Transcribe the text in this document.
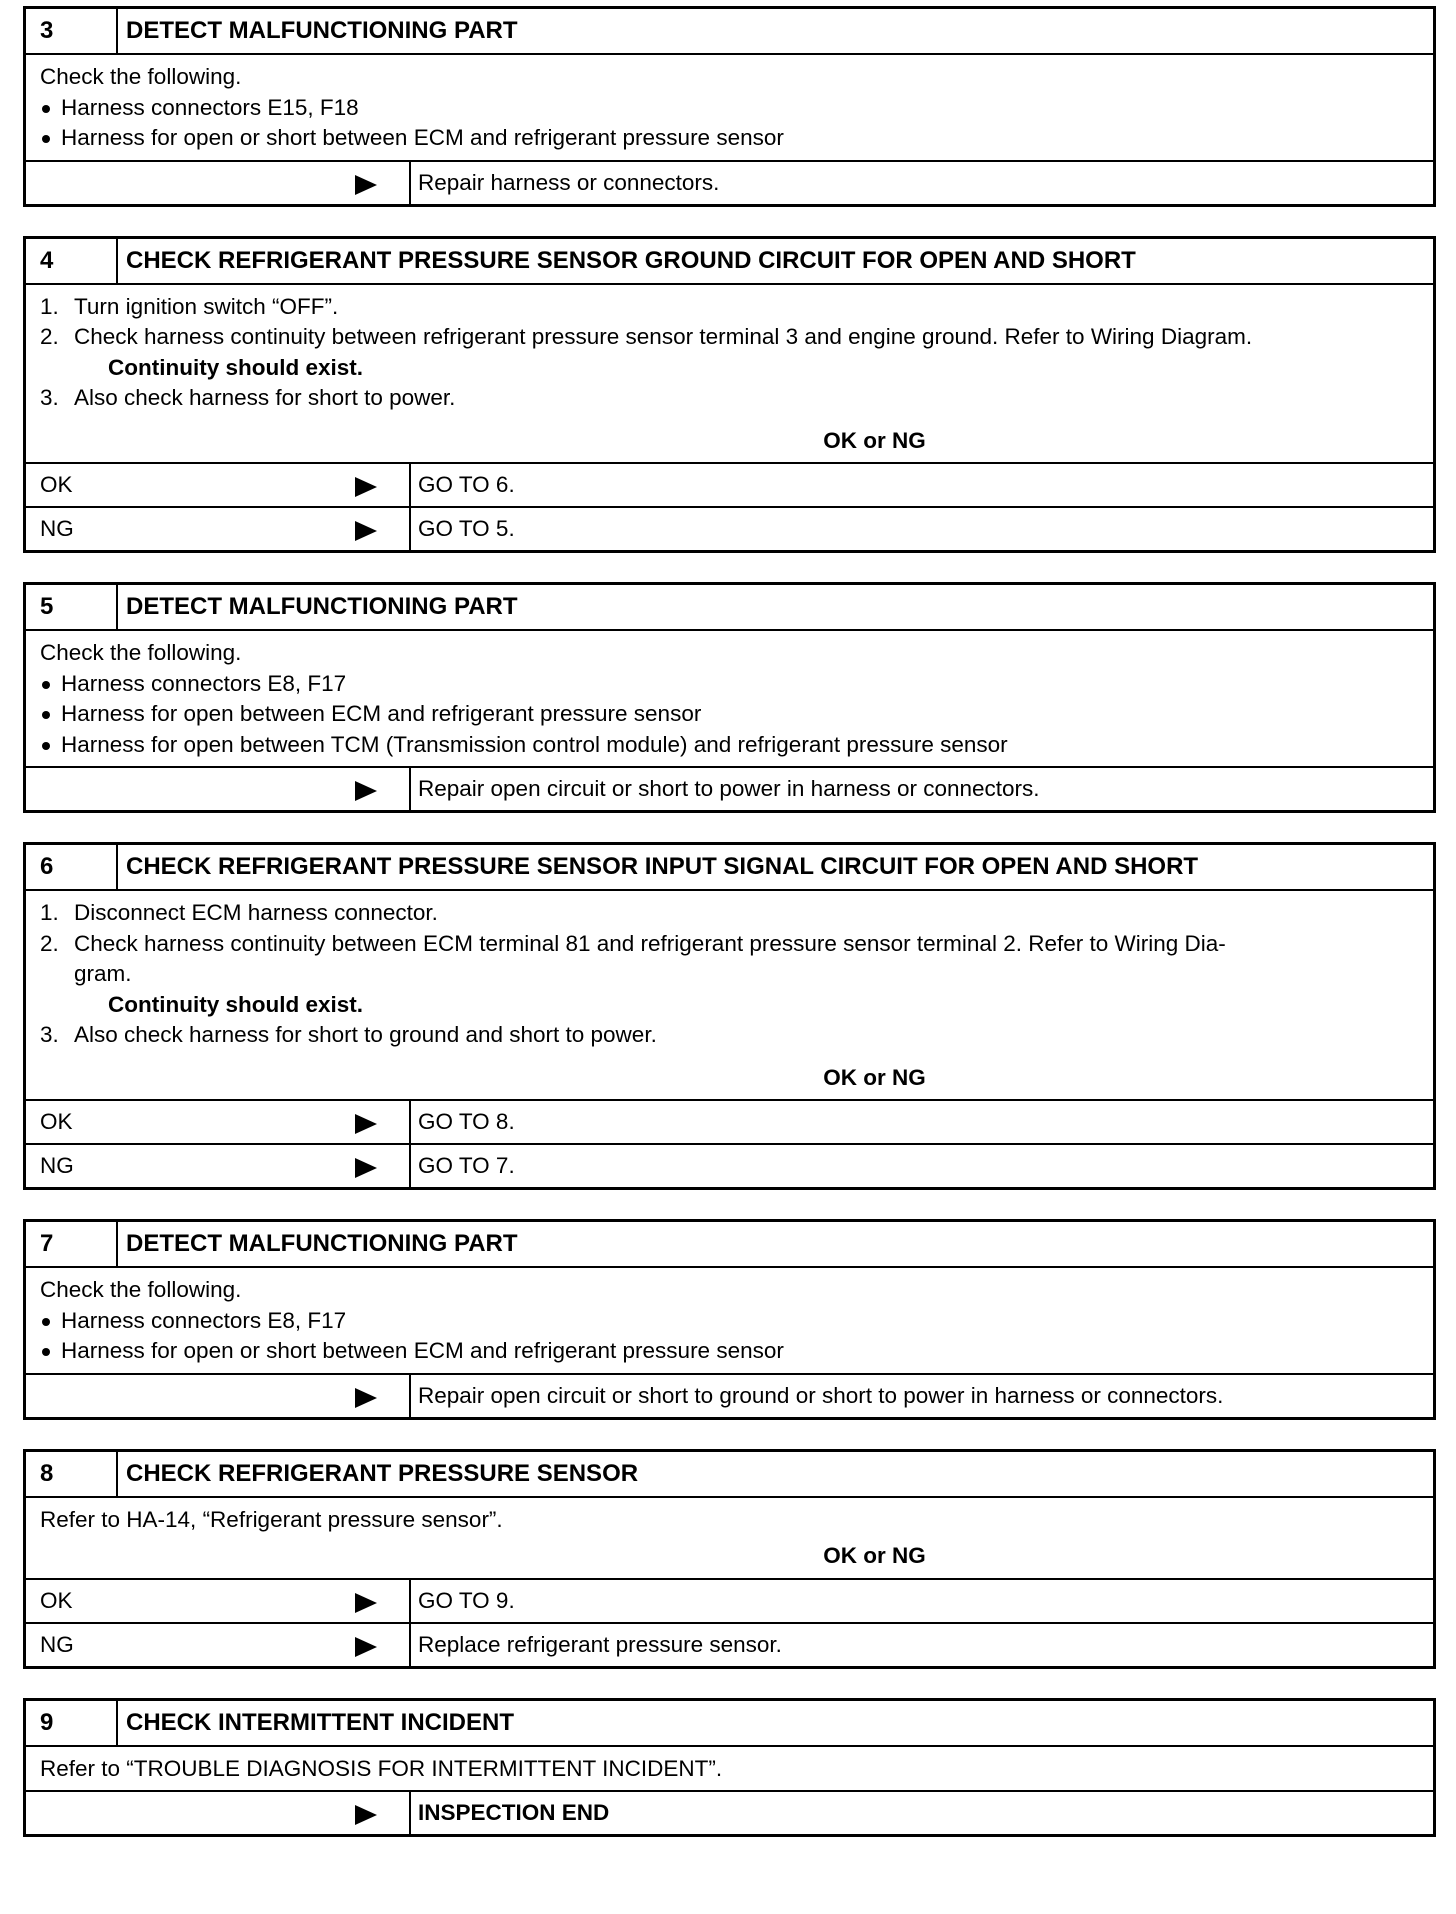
3	DETECT MALFUNCTIONING PART
Check the following.
Harness connectors E15, F18
Harness for open or short between ECM and refrigerant pressure sensor
Repair harness or connectors.
4	CHECK REFRIGERANT PRESSURE SENSOR GROUND CIRCUIT FOR OPEN AND SHORT
1. Turn ignition switch “OFF”.
2. Check harness continuity between refrigerant pressure sensor terminal 3 and engine ground. Refer to Wiring Diagram.
Continuity should exist.
3. Also check harness for short to power.
OK or NG
OK	GO TO 6.
NG	GO TO 5.
5	DETECT MALFUNCTIONING PART
Check the following.
Harness connectors E8, F17
Harness for open between ECM and refrigerant pressure sensor
Harness for open between TCM (Transmission control module) and refrigerant pressure sensor
Repair open circuit or short to power in harness or connectors.
6	CHECK REFRIGERANT PRESSURE SENSOR INPUT SIGNAL CIRCUIT FOR OPEN AND SHORT
1. Disconnect ECM harness connector.
2. Check harness continuity between ECM terminal 81 and refrigerant pressure sensor terminal 2. Refer to Wiring Dia-
gram.
Continuity should exist.
3. Also check harness for short to ground and short to power.
OK or NG
OK	GO TO 8.
NG	GO TO 7.
7	DETECT MALFUNCTIONING PART
Check the following.
Harness connectors E8, F17
Harness for open or short between ECM and refrigerant pressure sensor
Repair open circuit or short to ground or short to power in harness or connectors.
8	CHECK REFRIGERANT PRESSURE SENSOR
Refer to HA-14, “Refrigerant pressure sensor”.
OK or NG
OK	GO TO 9.
NG	Replace refrigerant pressure sensor.
9	CHECK INTERMITTENT INCIDENT
Refer to “TROUBLE DIAGNOSIS FOR INTERMITTENT INCIDENT”.
INSPECTION END
